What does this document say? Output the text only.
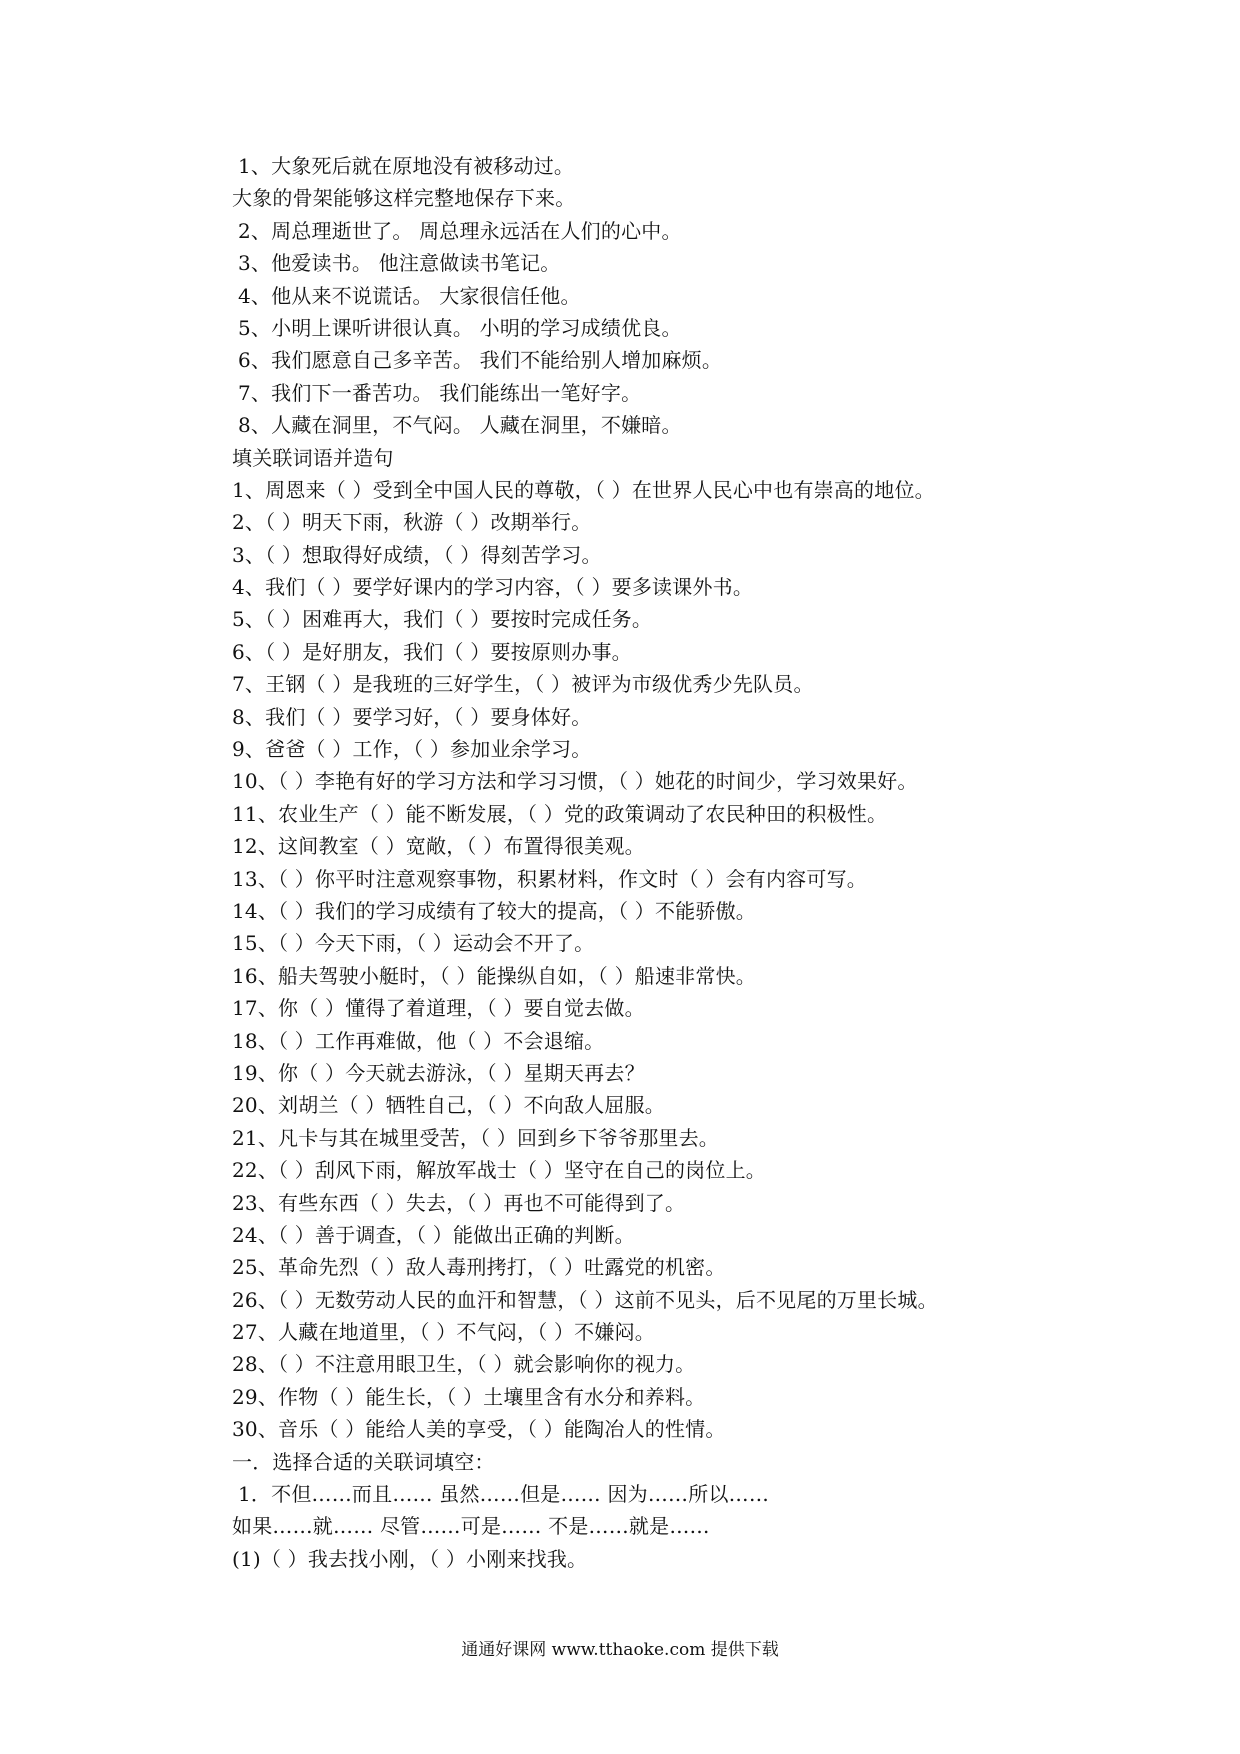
1、大象死后就在原地没有被移动过。
大象的骨架能够这样完整地保存下来。
2、周总理逝世了。 周总理永远活在人们的心中。
3、他爱读书。 他注意做读书笔记。
4、他从来不说谎话。 大家很信任他。
5、小明上课听讲很认真。 小明的学习成绩优良。
6、我们愿意自己多辛苦。 我们不能给别人增加麻烦。
7、我们下一番苦功。 我们能练出一笔好字。
8、人藏在洞里，不气闷。 人藏在洞里，不嫌暗。
填关联词语并造句
1、周恩来（ ）受到全中国人民的尊敬，（ ）在世界人民心中也有崇高的地位。
2、（ ）明天下雨，秋游（ ）改期举行。
3、（ ）想取得好成绩，（ ）得刻苦学习。
4、我们（ ）要学好课内的学习内容，（ ）要多读课外书。
5、（ ）困难再大，我们（ ）要按时完成任务。
6、（ ）是好朋友，我们（ ）要按原则办事。
7、王钢（ ）是我班的三好学生，（ ）被评为市级优秀少先队员。
8、我们（ ）要学习好，（ ）要身体好。
9、爸爸（ ）工作，（ ）参加业余学习。
10、（ ）李艳有好的学习方法和学习习惯，（ ）她花的时间少，学习效果好。
11、农业生产（ ）能不断发展，（ ）党的政策调动了农民种田的积极性。
12、这间教室（ ）宽敞，（ ）布置得很美观。
13、（ ）你平时注意观察事物，积累材料，作文时（ ）会有内容可写。
14、（ ）我们的学习成绩有了较大的提高，（ ）不能骄傲。
15、（ ）今天下雨，（ ）运动会不开了。
16、船夫驾驶小艇时，（ ）能操纵自如，（ ）船速非常快。
17、你（ ）懂得了着道理，（ ）要自觉去做。
18、（ ）工作再难做，他（ ）不会退缩。
19、你（ ）今天就去游泳，（ ）星期天再去？
20、刘胡兰（ ）牺牲自己，（ ）不向敌人屈服。
21、凡卡与其在城里受苦，（ ）回到乡下爷爷那里去。
22、（ ）刮风下雨，解放军战士（ ）坚守在自己的岗位上。
23、有些东西（ ）失去，（ ）再也不可能得到了。
24、（ ）善于调查，（ ）能做出正确的判断。
25、革命先烈（ ）敌人毒刑拷打，（ ）吐露党的机密。
26、（ ）无数劳动人民的血汗和智慧，（ ）这前不见头，后不见尾的万里长城。
27、人藏在地道里，（ ）不气闷，（ ）不嫌闷。
28、（ ）不注意用眼卫生，（ ）就会影响你的视力。
29、作物（ ）能生长，（ ）土壤里含有水分和养料。
30、音乐（ ）能给人美的享受，（ ）能陶冶人的性情。
一．选择合适的关联词填空：
1．不但……而且…… 虽然……但是…… 因为……所以……
如果……就…… 尽管……可是…… 不是……就是……
(1)（ ）我去找小刚，（ ）小刚来找我。
通通好课网 www.tthaoke.com 提供下载
